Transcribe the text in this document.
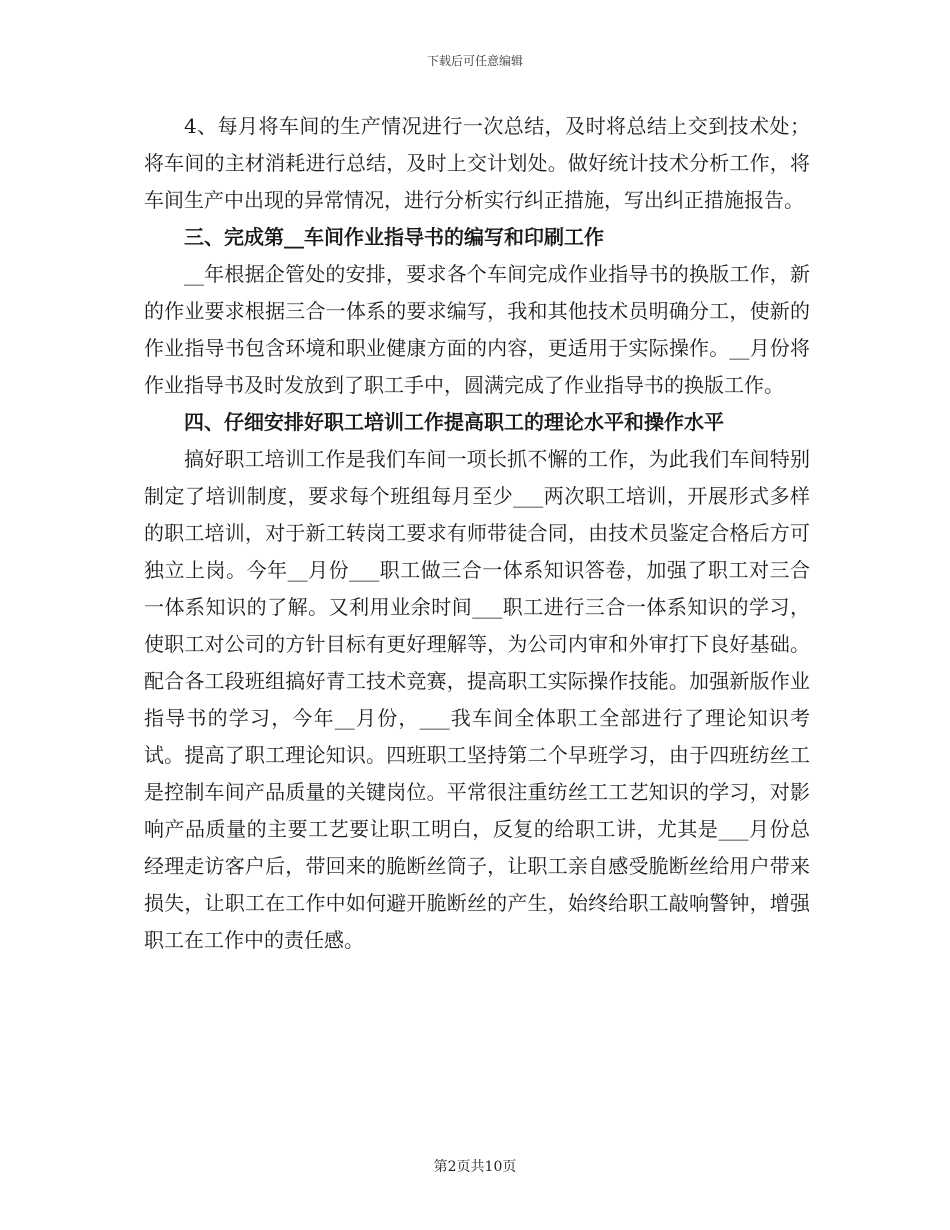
下载后可任意编辑

4、每月将车间的生产情况进行一次总结，及时将总结上交到技术处；将车间的主材消耗进行总结，及时上交计划处。做好统计技术分析工作，将车间生产中出现的异常情况，进行分析实行纠正措施，写出纠正措施报告。

三、完成第__车间作业指导书的编写和印刷工作

__年根据企管处的安排，要求各个车间完成作业指导书的换版工作，新的作业要求根据三合一体系的要求编写，我和其他技术员明确分工，使新的作业指导书包含环境和职业健康方面的内容，更适用于实际操作。__月份将作业指导书及时发放到了职工手中，圆满完成了作业指导书的换版工作。

四、仔细安排好职工培训工作提高职工的理论水平和操作水平

搞好职工培训工作是我们车间一项长抓不懈的工作，为此我们车间特别制定了培训制度，要求每个班组每月至少___两次职工培训，开展形式多样的职工培训，对于新工转岗工要求有师带徒合同，由技术员鉴定合格后方可独立上岗。今年__月份___职工做三合一体系知识答卷，加强了职工对三合一体系知识的了解。又利用业余时间___职工进行三合一体系知识的学习，使职工对公司的方针目标有更好理解等，为公司内审和外审打下良好基础。配合各工段班组搞好青工技术竞赛，提高职工实际操作技能。加强新版作业指导书的学习，今年__月份，___我车间全体职工全部进行了理论知识考试。提高了职工理论知识。四班职工坚持第二个早班学习，由于四班纺丝工是控制车间产品质量的关键岗位。平常很注重纺丝工工艺知识的学习，对影响产品质量的主要工艺要让职工明白，反复的给职工讲，尤其是___月份总经理走访客户后，带回来的脆断丝筒子，让职工亲自感受脆断丝给用户带来损失，让职工在工作中如何避开脆断丝的产生，始终给职工敲响警钟，增强职工在工作中的责任感。

第2页共10页
